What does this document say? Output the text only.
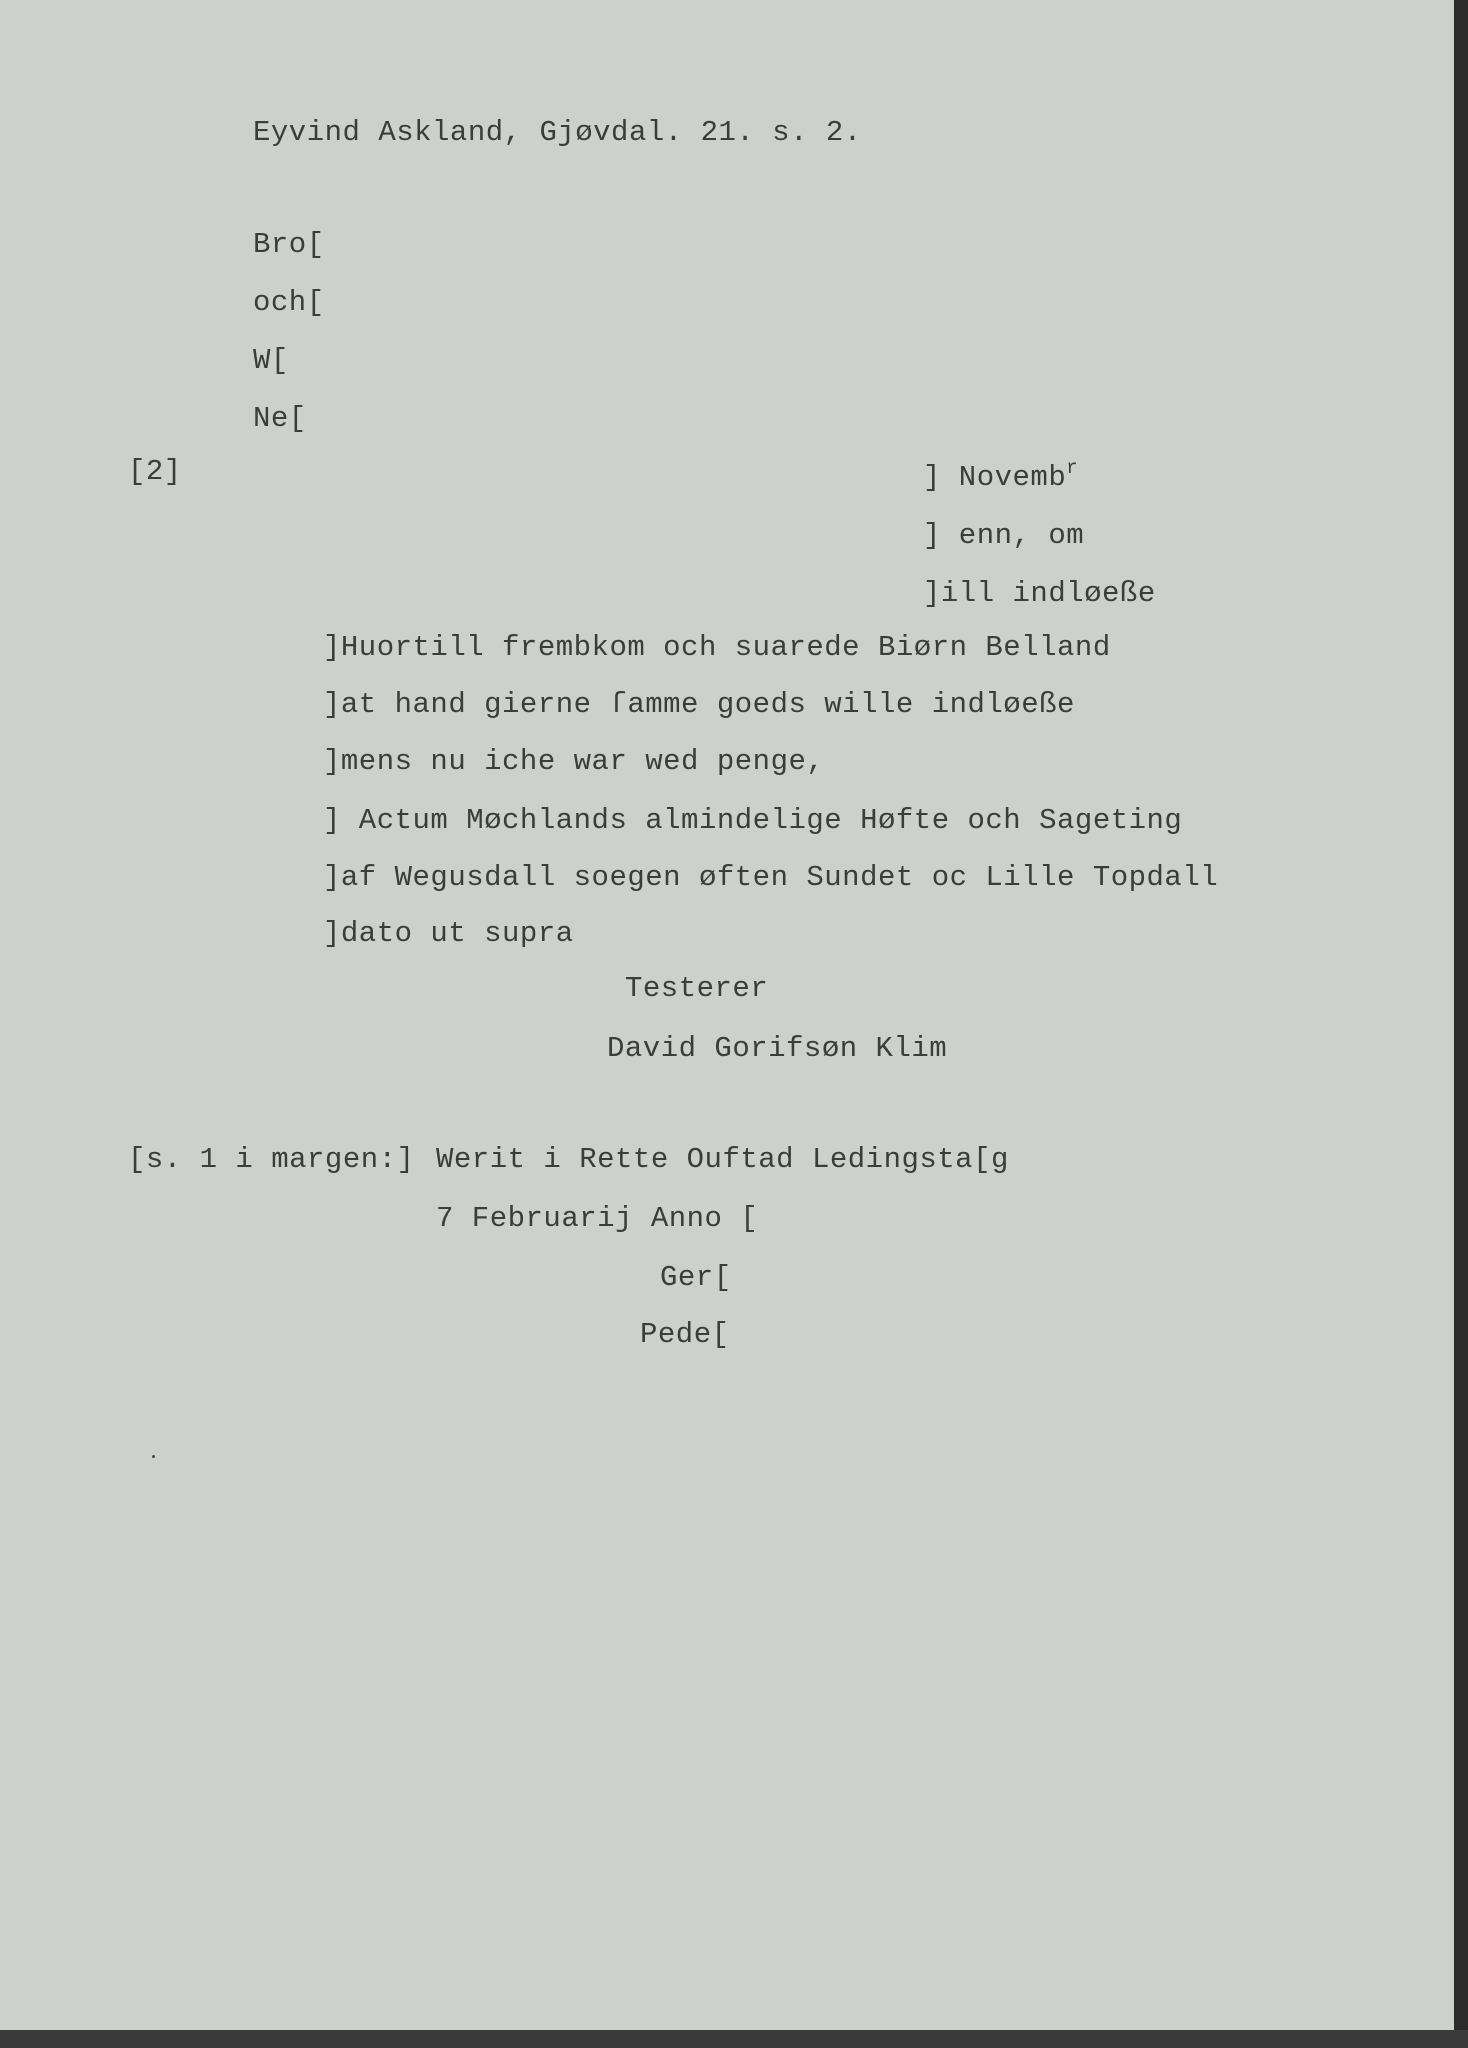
Eyvind Askland, Gjøvdal. 21. s. 2.
Bro[
och[
W[
Ne[
[2]	] Novemb$^r$
] enn, om
]ill indløeße
]Huortill frembkom och suarede Biørn Belland
]at hand gierne ſamme goeds wille indløeße
]mens nu iche war wed penge,
] Actum Møchlands almindelige Høfte och Sageting
]af Wegusdall soegen øften Sundet oc Lille Topdall
]dato ut supra
Testerer
David Gorifsøn Klim
[s. 1 i margen:] Werit i Rette Ouftad Ledingsta[g
7 Februarij Anno [
Ger[
Pede[
